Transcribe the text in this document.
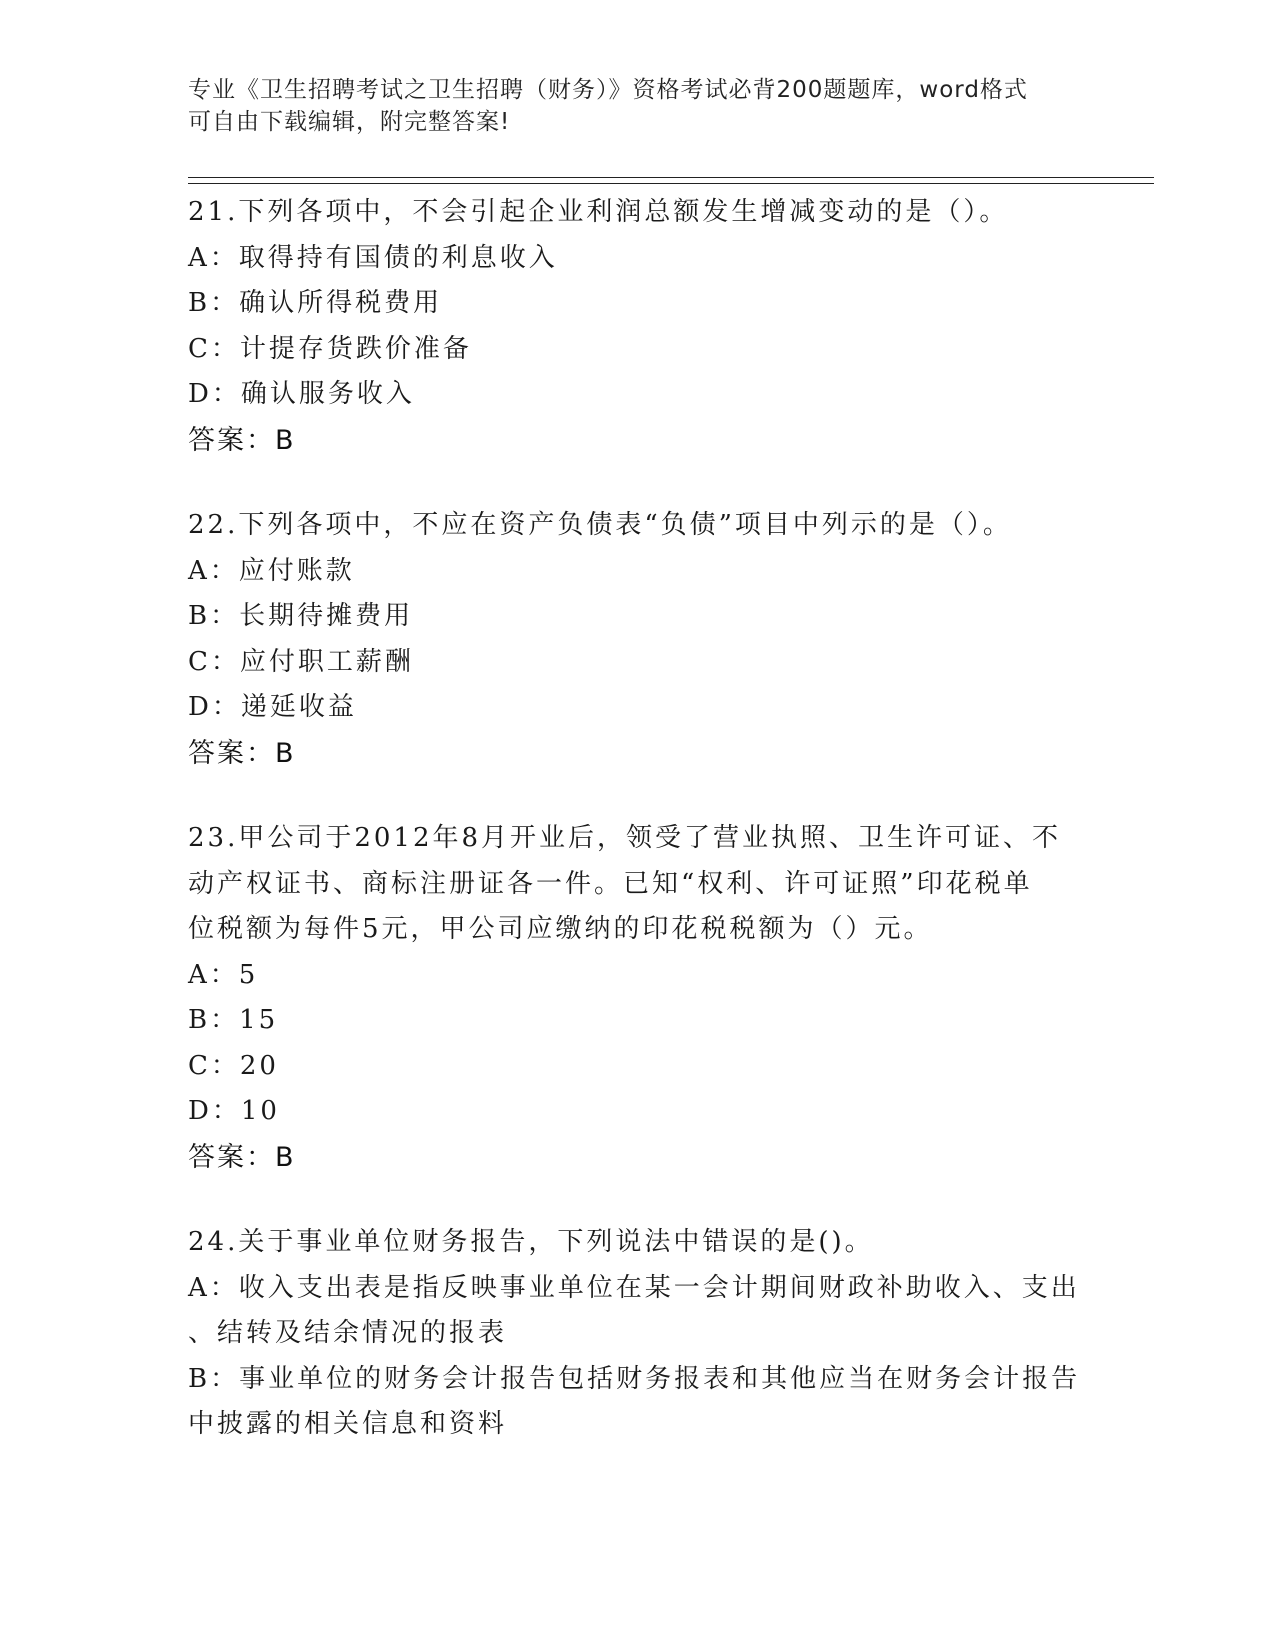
专业《卫生招聘考试之卫生招聘（财务）》资格考试必背200题题库，word格式
可自由下载编辑，附完整答案!
21.下列各项中，不会引起企业利润总额发生增减变动的是（）。
A：取得持有国债的利息收入
B：确认所得税费用
C：计提存货跌价准备
D：确认服务收入
答案：B
22.下列各项中，不应在资产负债表“负债”项目中列示的是（）。
A：应付账款
B：长期待摊费用
C：应付职工薪酬
D：递延收益
答案：B
23.甲公司于2012年8月开业后，领受了营业执照、卫生许可证、不
动产权证书、商标注册证各一件。已知“权利、许可证照”印花税单
位税额为每件5元，甲公司应缴纳的印花税税额为（）元。
A：5
B：15
C：20
D：10
答案：B
24.关于事业单位财务报告，下列说法中错误的是()。
A：收入支出表是指反映事业单位在某一会计期间财政补助收入、支出
、结转及结余情况的报表
B：事业单位的财务会计报告包括财务报表和其他应当在财务会计报告
中披露的相关信息和资料
